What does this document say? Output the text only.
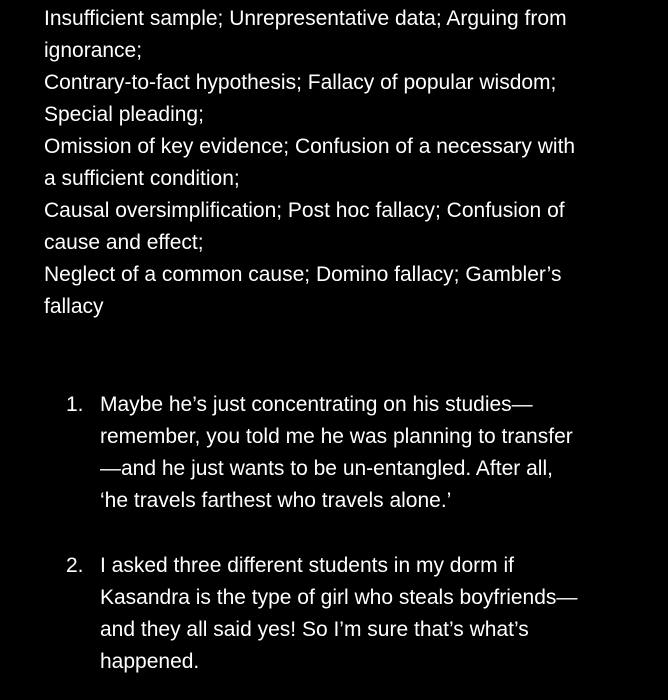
Insufficient sample; Unrepresentative data; Arguing from
ignorance;
Contrary-to-fact hypothesis; Fallacy of popular wisdom;
Special pleading;
Omission of key evidence; Confusion of a necessary with
a sufficient condition;
Causal oversimplification; Post hoc fallacy; Confusion of
cause and effect;
Neglect of a common cause; Domino fallacy; Gambler’s
fallacy
1. Maybe he’s just concentrating on his studies—
remember, you told me he was planning to transfer
—and he just wants to be un-entangled. After all,
‘he travels farthest who travels alone.’
2. I asked three different students in my dorm if
Kasandra is the type of girl who steals boyfriends—
and they all said yes! So I’m sure that’s what’s
happened.
